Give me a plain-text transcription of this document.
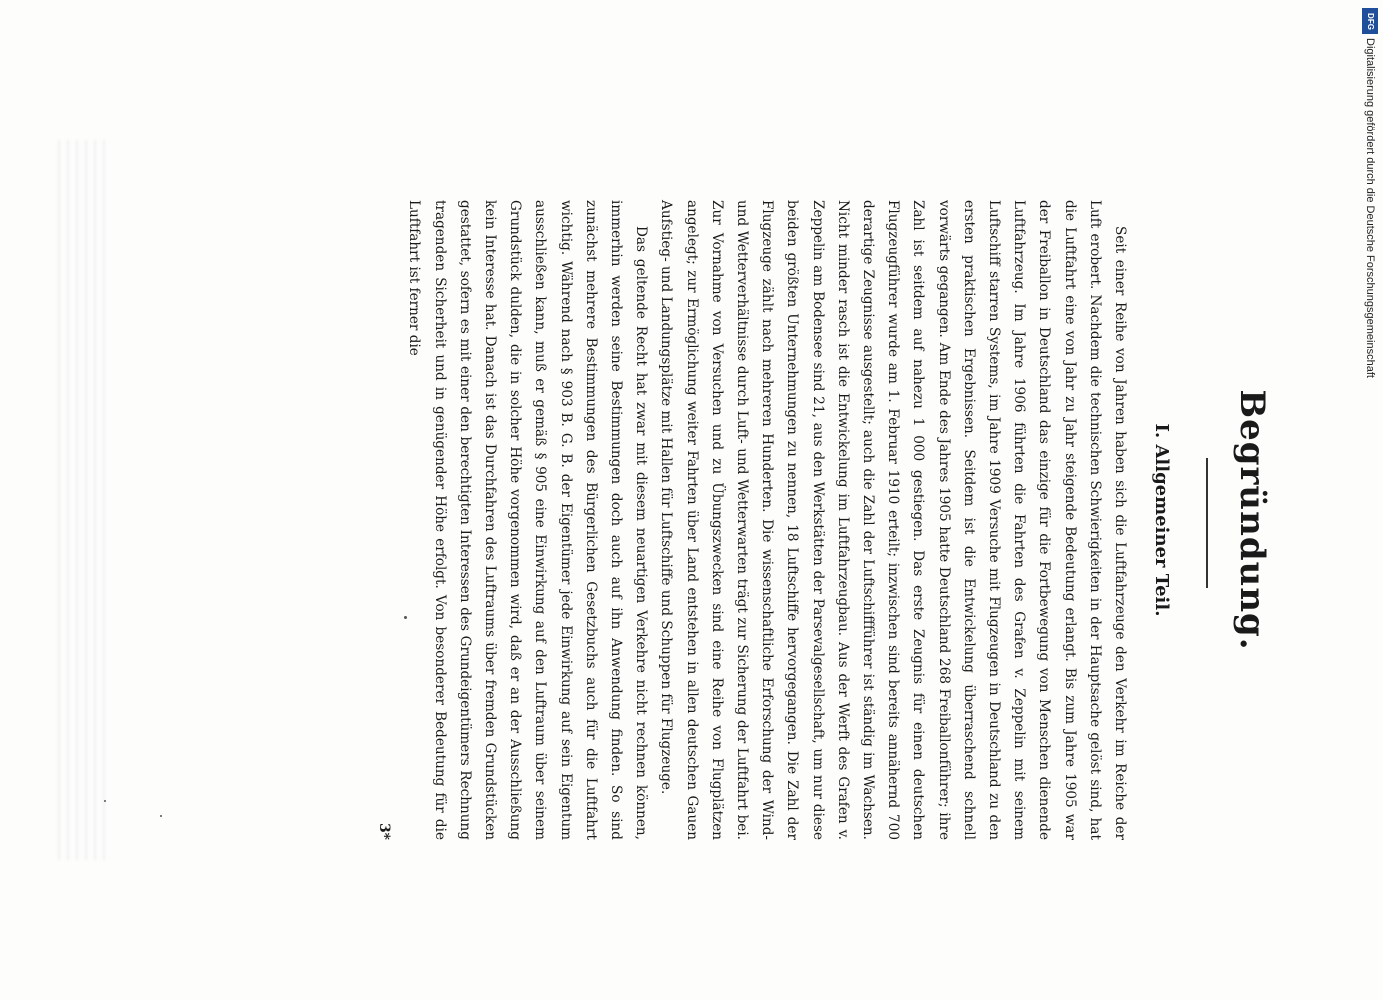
Begründung.
I. Allgemeiner Teil.

Seit einer Reihe von Jahren haben sich die Luftfahrzeuge den Verkehr im Reiche der Luft erobert. Nachdem die technischen Schwierigkeiten in der Hauptsache gelöst sind, hat die Luftfahrt eine von Jahr zu Jahr steigende Bedeutung erlangt. Bis zum Jahre 1905 war der Freiballon in Deutschland das einzige für die Fortbewegung von Menschen dienende Luftfahrzeug. Im Jahre 1906 führten die Fahrten des Grafen v. Zeppelin mit seinem Luftschiff starren Systems, im Jahre 1909 Versuche mit Flugzeugen in Deutschland zu den ersten praktischen Ergebnissen. Seitdem ist die Entwickelung überraschend schnell vorwärts gegangen. Am Ende des Jahres 1905 hatte Deutschland 268 Freiballonführer; ihre Zahl ist seitdem auf nahezu 1 000 gestiegen. Das erste Zeugnis für einen deutschen Flugzeugführer wurde am 1. Februar 1910 erteilt; inzwischen sind bereits annähernd 700 derartige Zeugnisse ausgestellt; auch die Zahl der Luftschiffführer ist ständig im Wachsen. Nicht minder rasch ist die Entwickelung im Luftfahrzeugbau. Aus der Werft des Grafen v. Zeppelin am Bodensee sind 21, aus den Werkstätten der Parsevalgesellschaft, um nur diese beiden größten Unternehmungen zu nennen, 18 Luftschiffe hervorgegangen. Die Zahl der Flugzeuge zählt nach mehreren Hunderten. Die wissenschaftliche Erforschung der Wind- und Wetterverhältnisse durch Luft- und Wetterwarten trägt zur Sicherung der Luftfahrt bei. Zur Vornahme von Versuchen und zu Übungszwecken sind eine Reihe von Flugplätzen angelegt; zur Ermöglichung weiter Fahrten über Land entstehen in allen deutschen Gauen Aufstieg- und Landungsplätze mit Hallen für Luftschiffe und Schuppen für Flugzeuge.

Das geltende Recht hat zwar mit diesem neuartigen Verkehre nicht rechnen können, immerhin werden seine Bestimmungen doch auch auf ihn Anwendung finden. So sind zunächst mehrere Bestimmungen des Bürgerlichen Gesetzbuchs auch für die Luftfahrt wichtig. Während nach § 903 B. G. B. der Eigentümer jede Einwirkung auf sein Eigentum ausschließen kann, muß er gemäß § 905 eine Einwirkung auf den Luftraum über seinem Grundstück dulden, die in solcher Höhe vorgenommen wird, daß er an der Ausschließung kein Interesse hat. Danach ist das Durchfahren des Luftraums über fremden Grundstücken gestattet, sofern es mit einer den berechtigten Interessen des Grundeigentümers Rechnung tragenden Sicherheit und in genügender Höhe erfolgt. Von besonderer Bedeutung für die Luftfahrt ist ferner die

3*
DFG
Digitalisierung gefördert durch die Deutsche Forschungsgemeinschaft
